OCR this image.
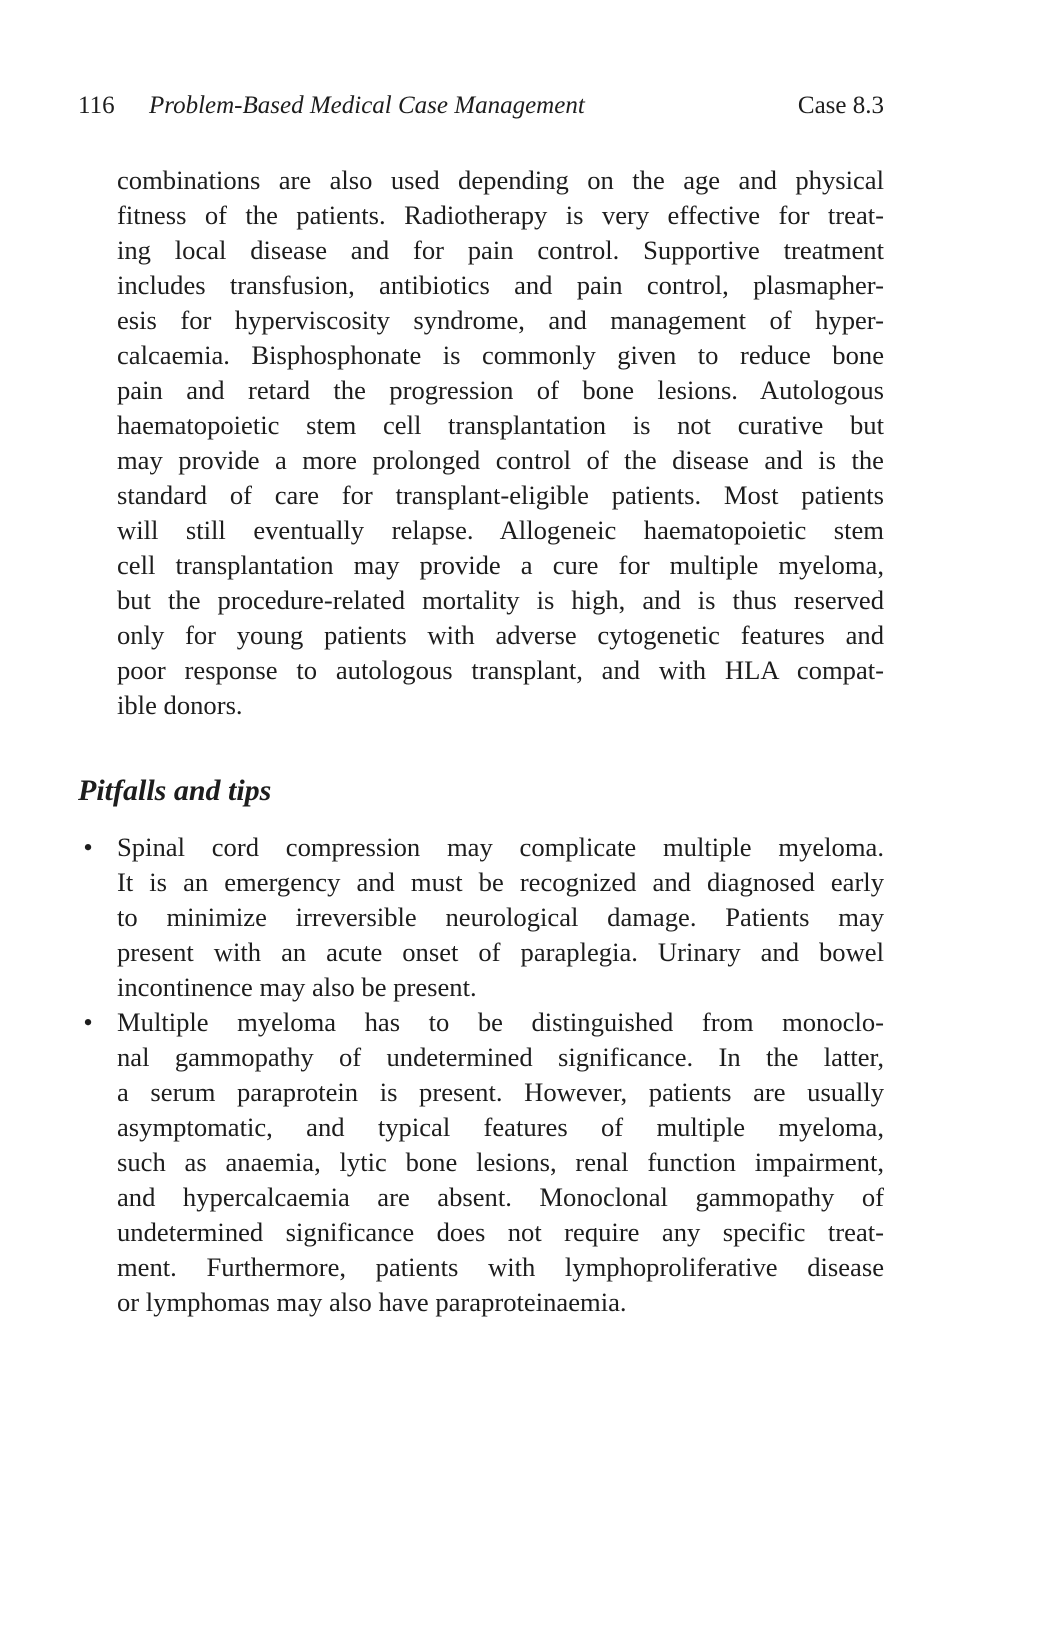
116 Problem-Based Medical Case Management	Case 8.3

combinations are also used depending on the age and physical
fitness of the patients. Radiotherapy is very effective for treat-
ing local disease and for pain control. Supportive treatment
includes transfusion, antibiotics and pain control, plasmapher-
esis for hyperviscosity syndrome, and management of hyper-
calcaemia. Bisphosphonate is commonly given to reduce bone
pain and retard the progression of bone lesions. Autologous
haematopoietic stem cell transplantation is not curative but
may provide a more prolonged control of the disease and is the
standard of care for transplant-eligible patients. Most patients
will still eventually relapse. Allogeneic haematopoietic stem
cell transplantation may provide a cure for multiple myeloma,
but the procedure-related mortality is high, and is thus reserved
only for young patients with adverse cytogenetic features and
poor response to autologous transplant, and with HLA compat-
ible donors.

Pitfalls and tips
• Spinal cord compression may complicate multiple myeloma.
It is an emergency and must be recognized and diagnosed early
to minimize irreversible neurological damage. Patients may
present with an acute onset of paraplegia. Urinary and bowel
incontinence may also be present.
• Multiple myeloma has to be distinguished from monoclo-
nal gammopathy of undetermined significance. In the latter,
a serum paraprotein is present. However, patients are usually
asymptomatic, and typical features of multiple myeloma,
such as anaemia, lytic bone lesions, renal function impairment,
and hypercalcaemia are absent. Monoclonal gammopathy of
undetermined significance does not require any specific treat-
ment. Furthermore, patients with lymphoproliferative disease
or lymphomas may also have paraproteinaemia.
